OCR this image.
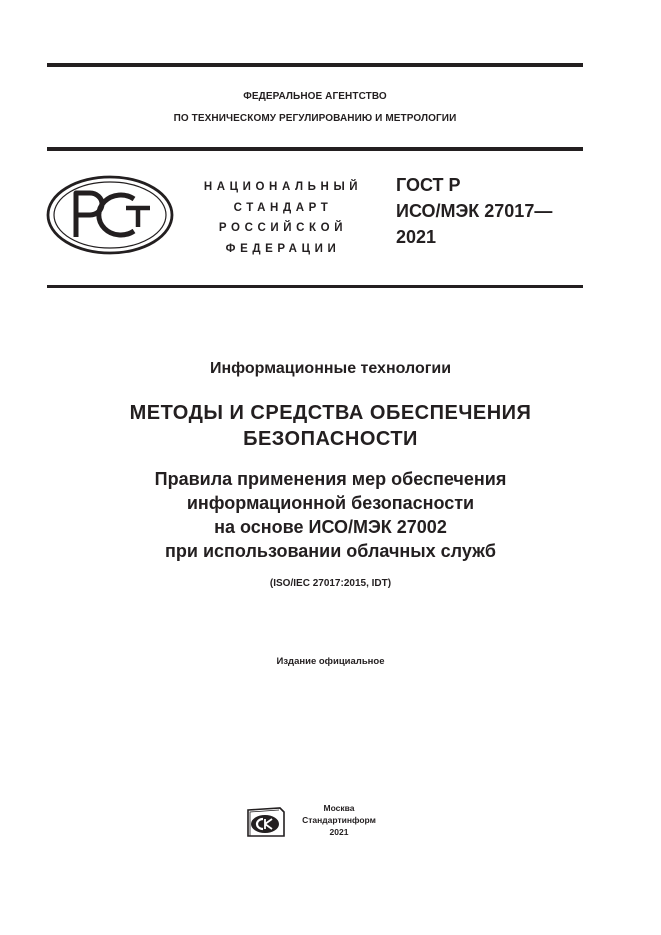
ФЕДЕРАЛЬНОЕ АГЕНТСТВО
ПО ТЕХНИЧЕСКОМУ РЕГУЛИРОВАНИЮ И МЕТРОЛОГИИ
НАЦИОНАЛЬНЫЙ
СТАНДАРТ
РОССИЙСКОЙ
ФЕДЕРАЦИИ
ГОСТ Р
ИСО/МЭК 27017—
2021
Информационные технологии
МЕТОДЫ И СРЕДСТВА ОБЕСПЕЧЕНИЯ
БЕЗОПАСНОСТИ
Правила применения мер обеспечения
информационной безопасности
на основе ИСО/МЭК 27002
при использовании облачных служб
(ISO/IEC 27017:2015, IDT)
Издание официальное
Москва
Стандартинформ
2021
